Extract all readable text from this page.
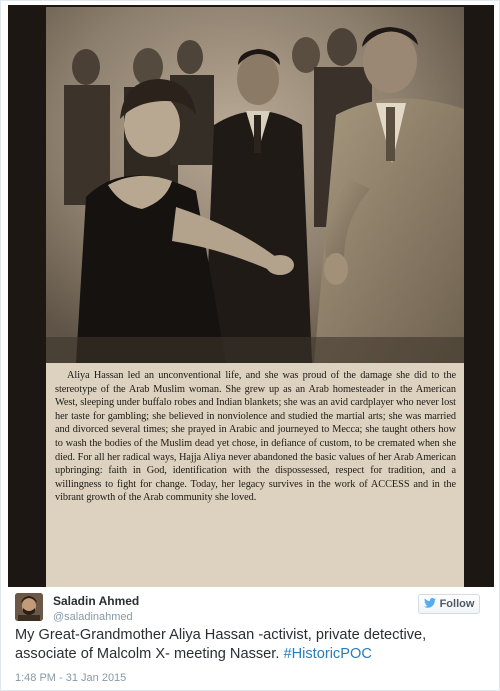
Aliya Hassan led an unconventional life, and she was proud of the damage she did to the stereotype of the Arab Muslim woman. She grew up as an Arab homesteader in the American West, sleeping under buffalo robes and Indian blankets; she was an avid cardplayer who never lost her taste for gambling; she believed in nonviolence and studied the martial arts; she was married and divorced several times; she prayed in Arabic and journeyed to Mecca; she taught others how to wash the bodies of the Muslim dead yet chose, in defiance of custom, to be cremated when she died. For all her radical ways, Hajja Aliya never abandoned the basic values of her Arab American upbringing: faith in God, identification with the dispossessed, respect for tradition, and a willingness to fight for change. Today, her legacy survives in the work of ACCESS and in the vibrant growth of the Arab community she loved.
Saladin Ahmed
@saladinahmed
Follow
My Great-Grandmother Aliya Hassan -activist, private detective, associate of Malcolm X- meeting Nasser. #HistoricPOC
1:48 PM - 31 Jan 2015
